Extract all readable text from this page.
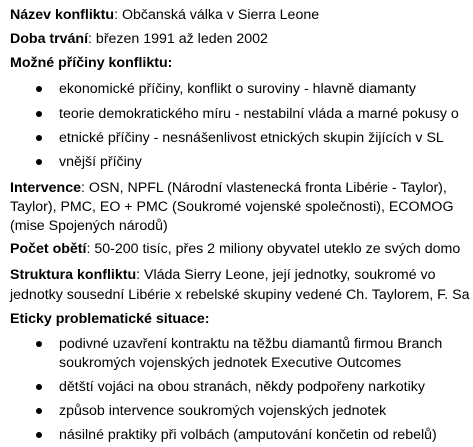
Název konfliktu: Občanská válka v Sierra Leone
Doba trvání: březen 1991 až leden 2002
Možné příčiny konfliktu:
ekonomické příčiny, konflikt o suroviny - hlavně diamanty
teorie demokratického míru - nestabilní vláda a marné pokusy o
etnické příčiny - nesnášenlivost etnických skupin žijících v SL
vnější příčiny
Intervence: OSN, NPFL (Národní vlastenecká fronta Libérie - Taylor),
Taylor), PMC, EO + PMC (Soukromé vojenské společnosti), ECOMOG
(mise Spojených národů)
Počet obětí: 50-200 tisíc, přes 2 miliony obyvatel uteklo ze svých domo
Struktura konfliktu: Vláda Sierry Leone, její jednotky, soukromé vo
jednotky sousední Libérie x rebelské skupiny vedené Ch. Taylorem, F. Sa
Eticky problematické situace:
podivné uzavření kontraktu na těžbu diamantů firmou Branch
soukromých vojenských jednotek Executive Outcomes
dětští vojáci na obou stranách, někdy podpořeny narkotiky
způsob intervence soukromých vojenských jednotek
násilné praktiky při volbách (amputování končetin od rebelů)
